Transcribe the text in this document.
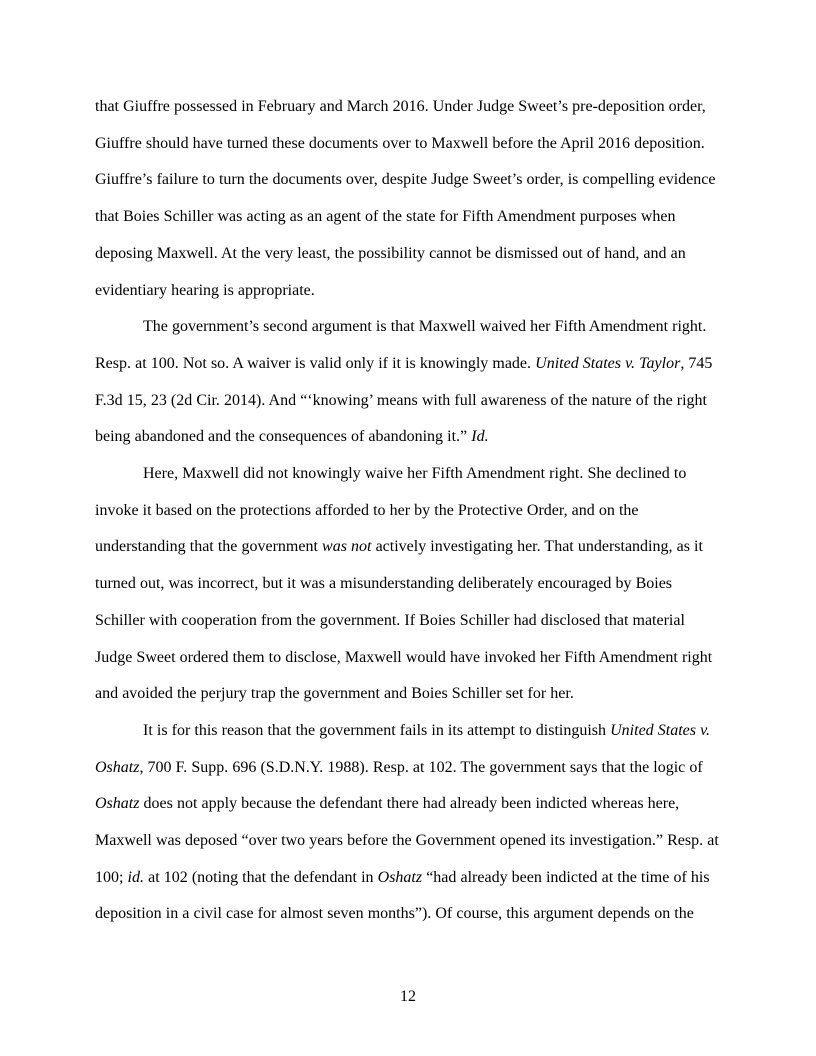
that Giuffre possessed in February and March 2016. Under Judge Sweet’s pre-deposition order, Giuffre should have turned these documents over to Maxwell before the April 2016 deposition. Giuffre’s failure to turn the documents over, despite Judge Sweet’s order, is compelling evidence that Boies Schiller was acting as an agent of the state for Fifth Amendment purposes when deposing Maxwell. At the very least, the possibility cannot be dismissed out of hand, and an evidentiary hearing is appropriate.

The government’s second argument is that Maxwell waived her Fifth Amendment right. Resp. at 100. Not so. A waiver is valid only if it is knowingly made. United States v. Taylor, 745 F.3d 15, 23 (2d Cir. 2014). And “‘knowing’ means with full awareness of the nature of the right being abandoned and the consequences of abandoning it.” Id.

Here, Maxwell did not knowingly waive her Fifth Amendment right. She declined to invoke it based on the protections afforded to her by the Protective Order, and on the understanding that the government was not actively investigating her. That understanding, as it turned out, was incorrect, but it was a misunderstanding deliberately encouraged by Boies Schiller with cooperation from the government. If Boies Schiller had disclosed that material Judge Sweet ordered them to disclose, Maxwell would have invoked her Fifth Amendment right and avoided the perjury trap the government and Boies Schiller set for her.

It is for this reason that the government fails in its attempt to distinguish United States v. Oshatz, 700 F. Supp. 696 (S.D.N.Y. 1988). Resp. at 102. The government says that the logic of Oshatz does not apply because the defendant there had already been indicted whereas here, Maxwell was deposed “over two years before the Government opened its investigation.” Resp. at 100; id. at 102 (noting that the defendant in Oshatz “had already been indicted at the time of his deposition in a civil case for almost seven months”). Of course, this argument depends on the

12
